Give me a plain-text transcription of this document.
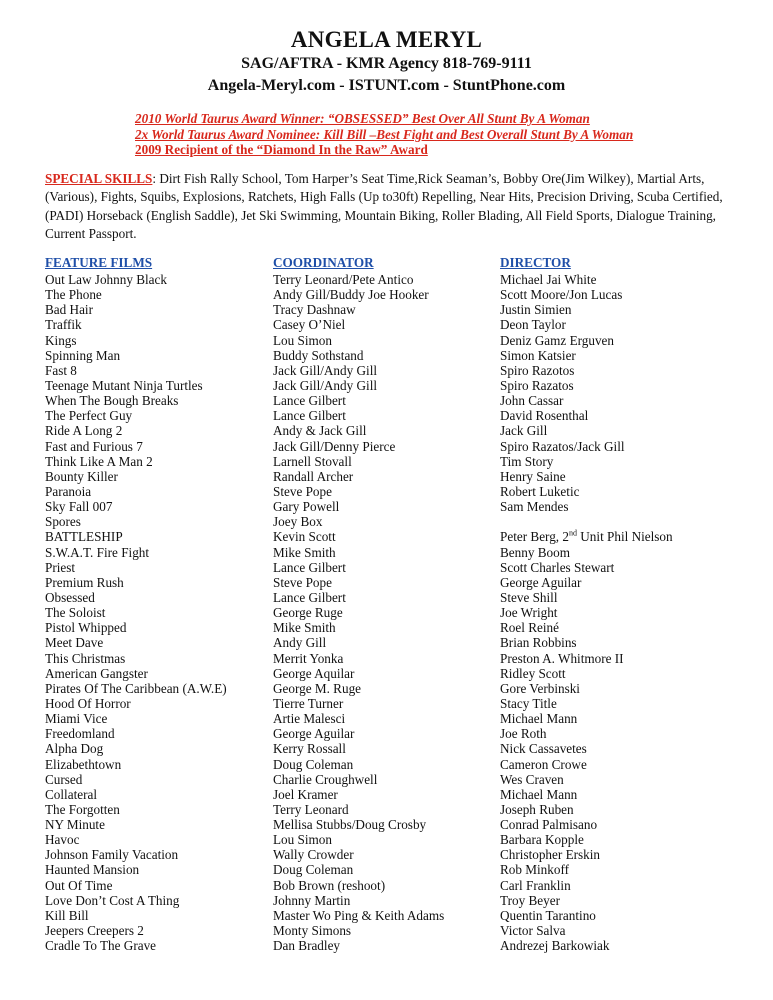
ANGELA MERYL
SAG/AFTRA - KMR Agency 818-769-9111
Angela-Meryl.com - ISTUNT.com - StuntPhone.com
2010 World Taurus Award Winner: “OBSESSED” Best Over All Stunt By A Woman
2x World Taurus Award Nominee: Kill Bill –Best Fight and Best Overall Stunt By A Woman
2009 Recipient of the “Diamond In the Raw” Award
SPECIAL SKILLS: Dirt Fish Rally School, Tom Harper’s Seat Time,Rick Seaman’s, Bobby Ore(Jim Wilkey), Martial Arts, (Various), Fights, Squibs, Explosions, Ratchets, High Falls (Up to30ft) Repelling, Near Hits, Precision Driving, Scuba Certified, (PADI) Horseback (English Saddle), Jet Ski Swimming, Mountain Biking, Roller Blading, All Field Sports, Dialogue Training, Current Passport.
FEATURE FILMS
Out Law Johnny Black
The Phone
Bad Hair
Traffik
Kings
Spinning Man
Fast 8
Teenage Mutant Ninja Turtles
When The Bough Breaks
The Perfect Guy
Ride A Long 2
Fast and Furious 7
Think Like A Man 2
Bounty Killer
Paranoia
Sky Fall 007
Spores
BATTLESHIP
S.W.A.T. Fire Fight
Priest
Premium Rush
Obsessed
The Soloist
Pistol Whipped
Meet Dave
This Christmas
American Gangster
Pirates Of The Caribbean (A.W.E)
Hood Of Horror
Miami Vice
Freedomland
Alpha Dog
Elizabethtown
Cursed
Collateral
The Forgotten
NY Minute
Havoc
Johnson Family Vacation
Haunted Mansion
Out Of Time
Love Don’t Cost A Thing
Kill Bill
Jeepers Creepers 2
Cradle To The Grave
COORDINATOR
Terry Leonard/Pete Antico
Andy Gill/Buddy Joe Hooker
Tracy Dashnaw
Casey O’Niel
Lou Simon
Buddy Sothstand
Jack Gill/Andy Gill
Jack Gill/Andy Gill
Lance Gilbert
Lance Gilbert
Andy & Jack Gill
Jack Gill/Denny Pierce
Larnell Stovall
Randall Archer
Steve Pope
Gary Powell
Joey Box
Kevin Scott
Mike Smith
Lance Gilbert
Steve Pope
Lance Gilbert
George Ruge
Mike Smith
Andy Gill
Merrit Yonka
George Aquilar
George M. Ruge
Tierre Turner
Artie Malesci
George Aguilar
Kerry Rossall
Doug Coleman
Charlie Croughwell
Joel Kramer
Terry Leonard
Mellisa Stubbs/Doug Crosby
Lou Simon
Wally Crowder
Doug Coleman
Bob Brown (reshoot)
Johnny Martin
Master Wo Ping & Keith Adams
Monty Simons
Dan Bradley
DIRECTOR
Michael Jai White
Scott Moore/Jon Lucas
Justin Simien
Deon Taylor
Deniz Gamz Erguven
Simon Katsier
Spiro Razotos
Spiro Razatos
John Cassar
David Rosenthal
Jack Gill
Spiro Razatos/Jack Gill
Tim Story
Henry Saine
Robert Luketic
Sam Mendes
Peter Berg, 2nd Unit Phil Nielson
Benny Boom
Scott Charles Stewart
George Aguilar
Steve Shill
Joe Wright
Roel Reiné
Brian Robbins
Preston A. Whitmore II
Ridley Scott
Gore Verbinski
Stacy Title
Michael Mann
Joe Roth
Nick Cassavetes
Cameron Crowe
Wes Craven
Michael Mann
Joseph Ruben
Conrad Palmisano
Barbara Kopple
Christopher Erskin
Rob Minkoff
Carl Franklin
Troy Beyer
Quentin Tarantino
Victor Salva
Andrezej Barkowiak
